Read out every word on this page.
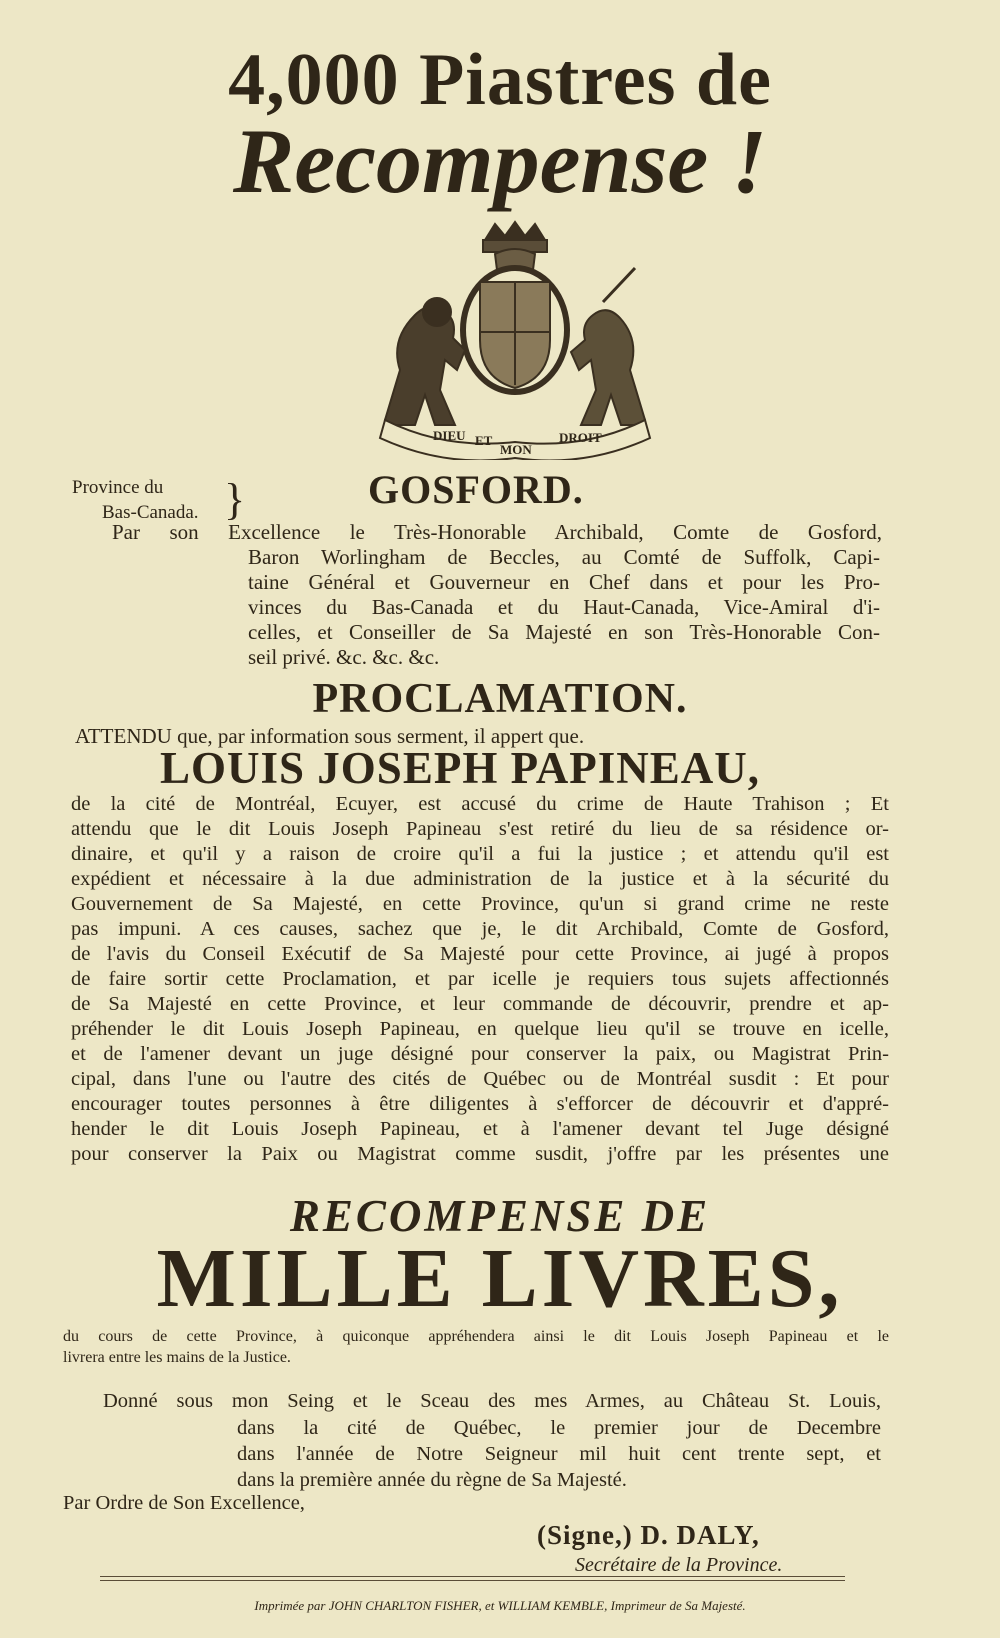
4,000 Piastres de
Recompense !
DIEU ET
MON
DROIT
Province du
Bas-Canada. }	GOSFORD.
Par son Excellence le Très-Honorable Archibald, Comte de Gosford,
Baron Worlingham de Beccles, au Comté de Suffolk, Capi-
taine Général et Gouverneur en Chef dans et pour les Pro-
vinces du Bas-Canada et du Haut-Canada, Vice-Amiral d'i-
celles, et Conseiller de Sa Majesté en son Très-Honorable Con-
seil privé. &c. &c. &c.
PROCLAMATION.
ATTENDU que, par information sous serment, il appert que.
LOUIS JOSEPH PAPINEAU,
de la cité de Montréal, Ecuyer, est accusé du crime de Haute Trahison ; Et
attendu que le dit Louis Joseph Papineau s'est retiré du lieu de sa résidence or-
dinaire, et qu'il y a raison de croire qu'il a fui la justice ; et attendu qu'il est
expédient et nécessaire à la due administration de la justice et à la sécurité du
Gouvernement de Sa Majesté, en cette Province, qu'un si grand crime ne reste
pas impuni. A ces causes, sachez que je, le dit Archibald, Comte de Gosford,
de l'avis du Conseil Exécutif de Sa Majesté pour cette Province, ai jugé à propos
de faire sortir cette Proclamation, et par icelle je requiers tous sujets affectionnés
de Sa Majesté en cette Province, et leur commande de découvrir, prendre et ap-
préhender le dit Louis Joseph Papineau, en quelque lieu qu'il se trouve en icelle,
et de l'amener devant un juge désigné pour conserver la paix, ou Magistrat Prin-
cipal, dans l'une ou l'autre des cités de Québec ou de Montréal susdit : Et pour
encourager toutes personnes à être diligentes à s'efforcer de découvrir et d'appré-
hender le dit Louis Joseph Papineau, et à l'amener devant tel Juge désigné
pour conserver la Paix ou Magistrat comme susdit, j'offre par les présentes une
RECOMPENSE DE
MILLE LIVRES,
du cours de cette Province, à quiconque appréhendera ainsi le dit Louis Joseph Papineau et le
livrera entre les mains de la Justice.
Donné sous mon Seing et le Sceau des mes Armes, au Château St. Louis,
dans la cité de Québec, le premier jour de Decembre
dans l'année de Notre Seigneur mil huit cent trente sept, et
dans la première année du règne de Sa Majesté.
Par Ordre de Son Excellence,
(Signe,) D. DALY,
Secrétaire de la Province.
Imprimée par JOHN CHARLTON FISHER, et WILLIAM KEMBLE, Imprimeur de Sa Majesté.
